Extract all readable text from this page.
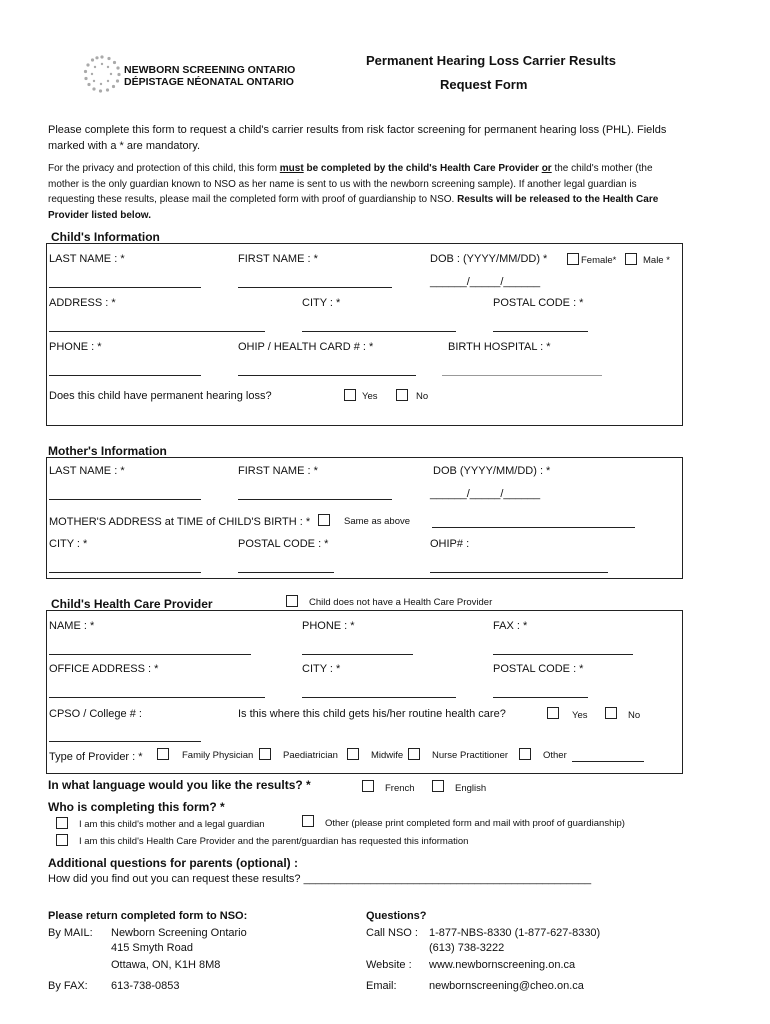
NEWBORN SCREENING ONTARIO
DÉPISTAGE NÉONATAL ONTARIO
Permanent Hearing Loss Carrier Results
Request Form
Please complete this form to request a child's carrier results from risk factor screening for permanent hearing loss (PHL). Fields marked with a * are mandatory.
For the privacy and protection of this child, this form must be completed by the child's Health Care Provider or the child's mother (the mother is the only guardian known to NSO as her name is sent to us with the newborn screening sample). If another legal guardian is requesting these results, please mail the completed form with proof of guardianship to NSO. Results will be released to the Health Care Provider listed below.
Child's Information
LAST NAME : *	FIRST NAME : *	DOB : (YYYY/MM/DD) *
______/_____/______
Female*	Male *
ADDRESS : *	CITY : *	POSTAL CODE : *
PHONE : *	OHIP / HEALTH CARD # : *	BIRTH HOSPITAL : *
Does this child have permanent hearing loss?	Yes	No
Mother's Information
LAST NAME : *	FIRST NAME : *	DOB (YYYY/MM/DD) : *
______/_____/______
MOTHER'S ADDRESS at TIME of CHILD'S BIRTH : *	Same as above
CITY : *	POSTAL CODE : *	OHIP# :
Child's Health Care Provider	Child does not have a Health Care Provider
NAME : *	PHONE : *	FAX : *
OFFICE ADDRESS : *	CITY : *	POSTAL CODE : *
CPSO / College # :	Is this where this child gets his/her routine health care?	Yes	No
Type of Provider : *	Family Physician	Paediatrician	Midwife	Nurse Practitioner	Other
In what language would you like the results? *	French	English
Who is completing this form? *
I am this child's mother and a legal guardian	Other (please print completed form and mail with proof of guardianship)
I am this child's Health Care Provider and the parent/guardian has requested this information
Additional questions for parents (optional) :
How did you find out you can request these results? _______________________________________________
Please return completed form to NSO:
By MAIL: Newborn Screening Ontario
415 Smyth Road
Ottawa, ON, K1H 8M8
By FAX: 613-738-0853
Questions?
Call NSO : 1-877-NBS-8330 (1-877-627-8330)
(613) 738-3222
Website : www.newbornscreening.on.ca
Email:	newbornscreening@cheo.on.ca
